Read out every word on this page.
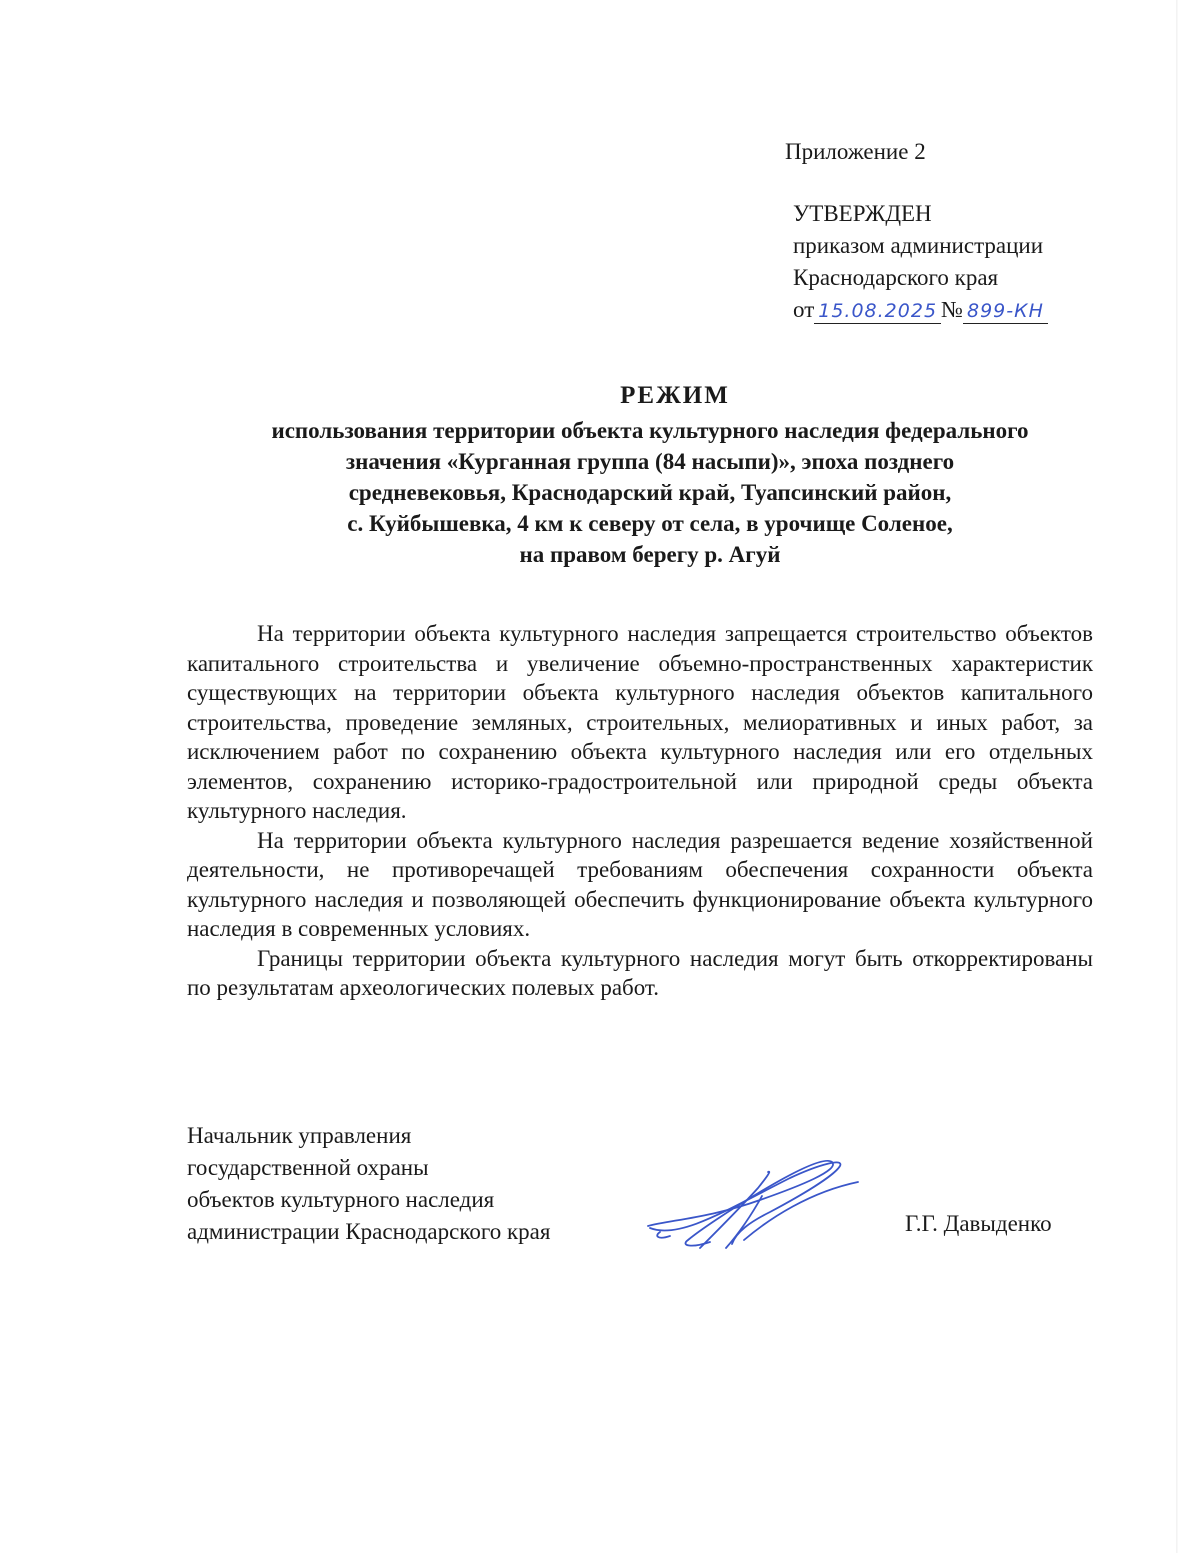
Приложение 2
УТВЕРЖДЕН
приказом администрации
Краснодарского края
от 15.08.2025 № 899-КН
РЕЖИМ
использования территории объекта культурного наследия федерального
значения «Курганная группа (84 насыпи)», эпоха позднего
средневековья, Краснодарский край, Туапсинский район,
с. Куйбышевка, 4 км к северу от села, в урочище Соленое,
на правом берегу р. Агуй

На территории объекта культурного наследия запрещается строительство объектов капитального строительства и увеличение объемно-пространственных характеристик существующих на территории объекта культурного наследия объектов капитального строительства, проведение земляных, строительных, мелиоративных и иных работ, за исключением работ по сохранению объекта культурного наследия или его отдельных элементов, сохранению историко-градостроительной или природной среды объекта культурного наследия.

На территории объекта культурного наследия разрешается ведение хозяйственной деятельности, не противоречащей требованиям обеспечения сохранности объекта культурного наследия и позволяющей обеспечить функционирование объекта культурного наследия в современных условиях.

Границы территории объекта культурного наследия могут быть откорректированы по результатам археологических полевых работ.

Начальник управления
государственной охраны
объектов культурного наследия
администрации Краснодарского края	Г.Г. Давыденко
